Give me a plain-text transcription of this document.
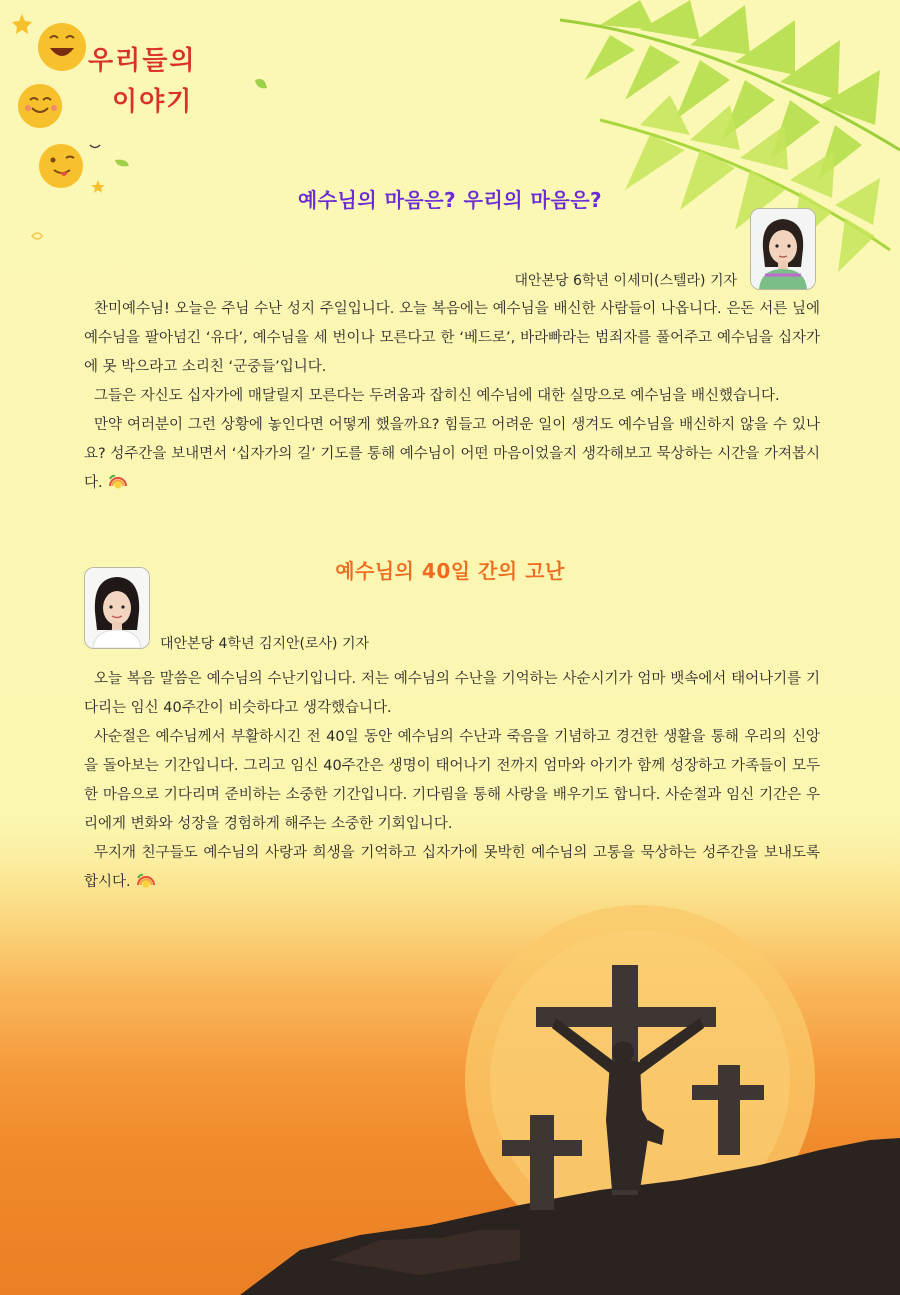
우리들의
이야기
예수님의 마음은? 우리의 마음은?
대안본당 6학년 이세미(스텔라) 기자

찬미예수님! 오늘은 주님 수난 성지 주일입니다. 오늘 복음에는 예수님을 배신한 사람들이 나옵니다. 은돈 서른 닢에 예수님을 팔아넘긴 ‘유다’, 예수님을 세 번이나 모른다고 한 ‘베드로’, 바라빠라는 범죄자를 풀어주고 예수님을 십자가에 못 박으라고 소리친 ‘군중들’입니다.

그들은 자신도 십자가에 매달릴지 모른다는 두려움과 잡히신 예수님에 대한 실망으로 예수님을 배신했습니다.

만약 여러분이 그런 상황에 놓인다면 어떻게 했을까요? 힘들고 어려운 일이 생겨도 예수님을 배신하지 않을 수 있나요? 성주간을 보내면서 ‘십자가의 길’ 기도를 통해 예수님이 어떤 마음이었을지 생각해보고 묵상하는 시간을 가져봅시다.

예수님의 40일 간의 고난
대안본당 4학년 김지안(로사) 기자

오늘 복음 말씀은 예수님의 수난기입니다. 저는 예수님의 수난을 기억하는 사순시기가 엄마 뱃속에서 태어나기를 기다리는 임신 40주간이 비슷하다고 생각했습니다.

사순절은 예수님께서 부활하시긴 전 40일 동안 예수님의 수난과 죽음을 기념하고 경건한 생활을 통해 우리의 신앙을 돌아보는 기간입니다. 그리고 임신 40주간은 생명이 태어나기 전까지 엄마와 아기가 함께 성장하고 가족들이 모두 한 마음으로 기다리며 준비하는 소중한 기간입니다. 기다림을 통해 사랑을 배우기도 합니다. 사순절과 임신 기간은 우리에게 변화와 성장을 경험하게 해주는 소중한 기회입니다.

무지개 친구들도 예수님의 사랑과 희생을 기억하고 십자가에 못박힌 예수님의 고통을 묵상하는 성주간을 보내도록 합시다.
